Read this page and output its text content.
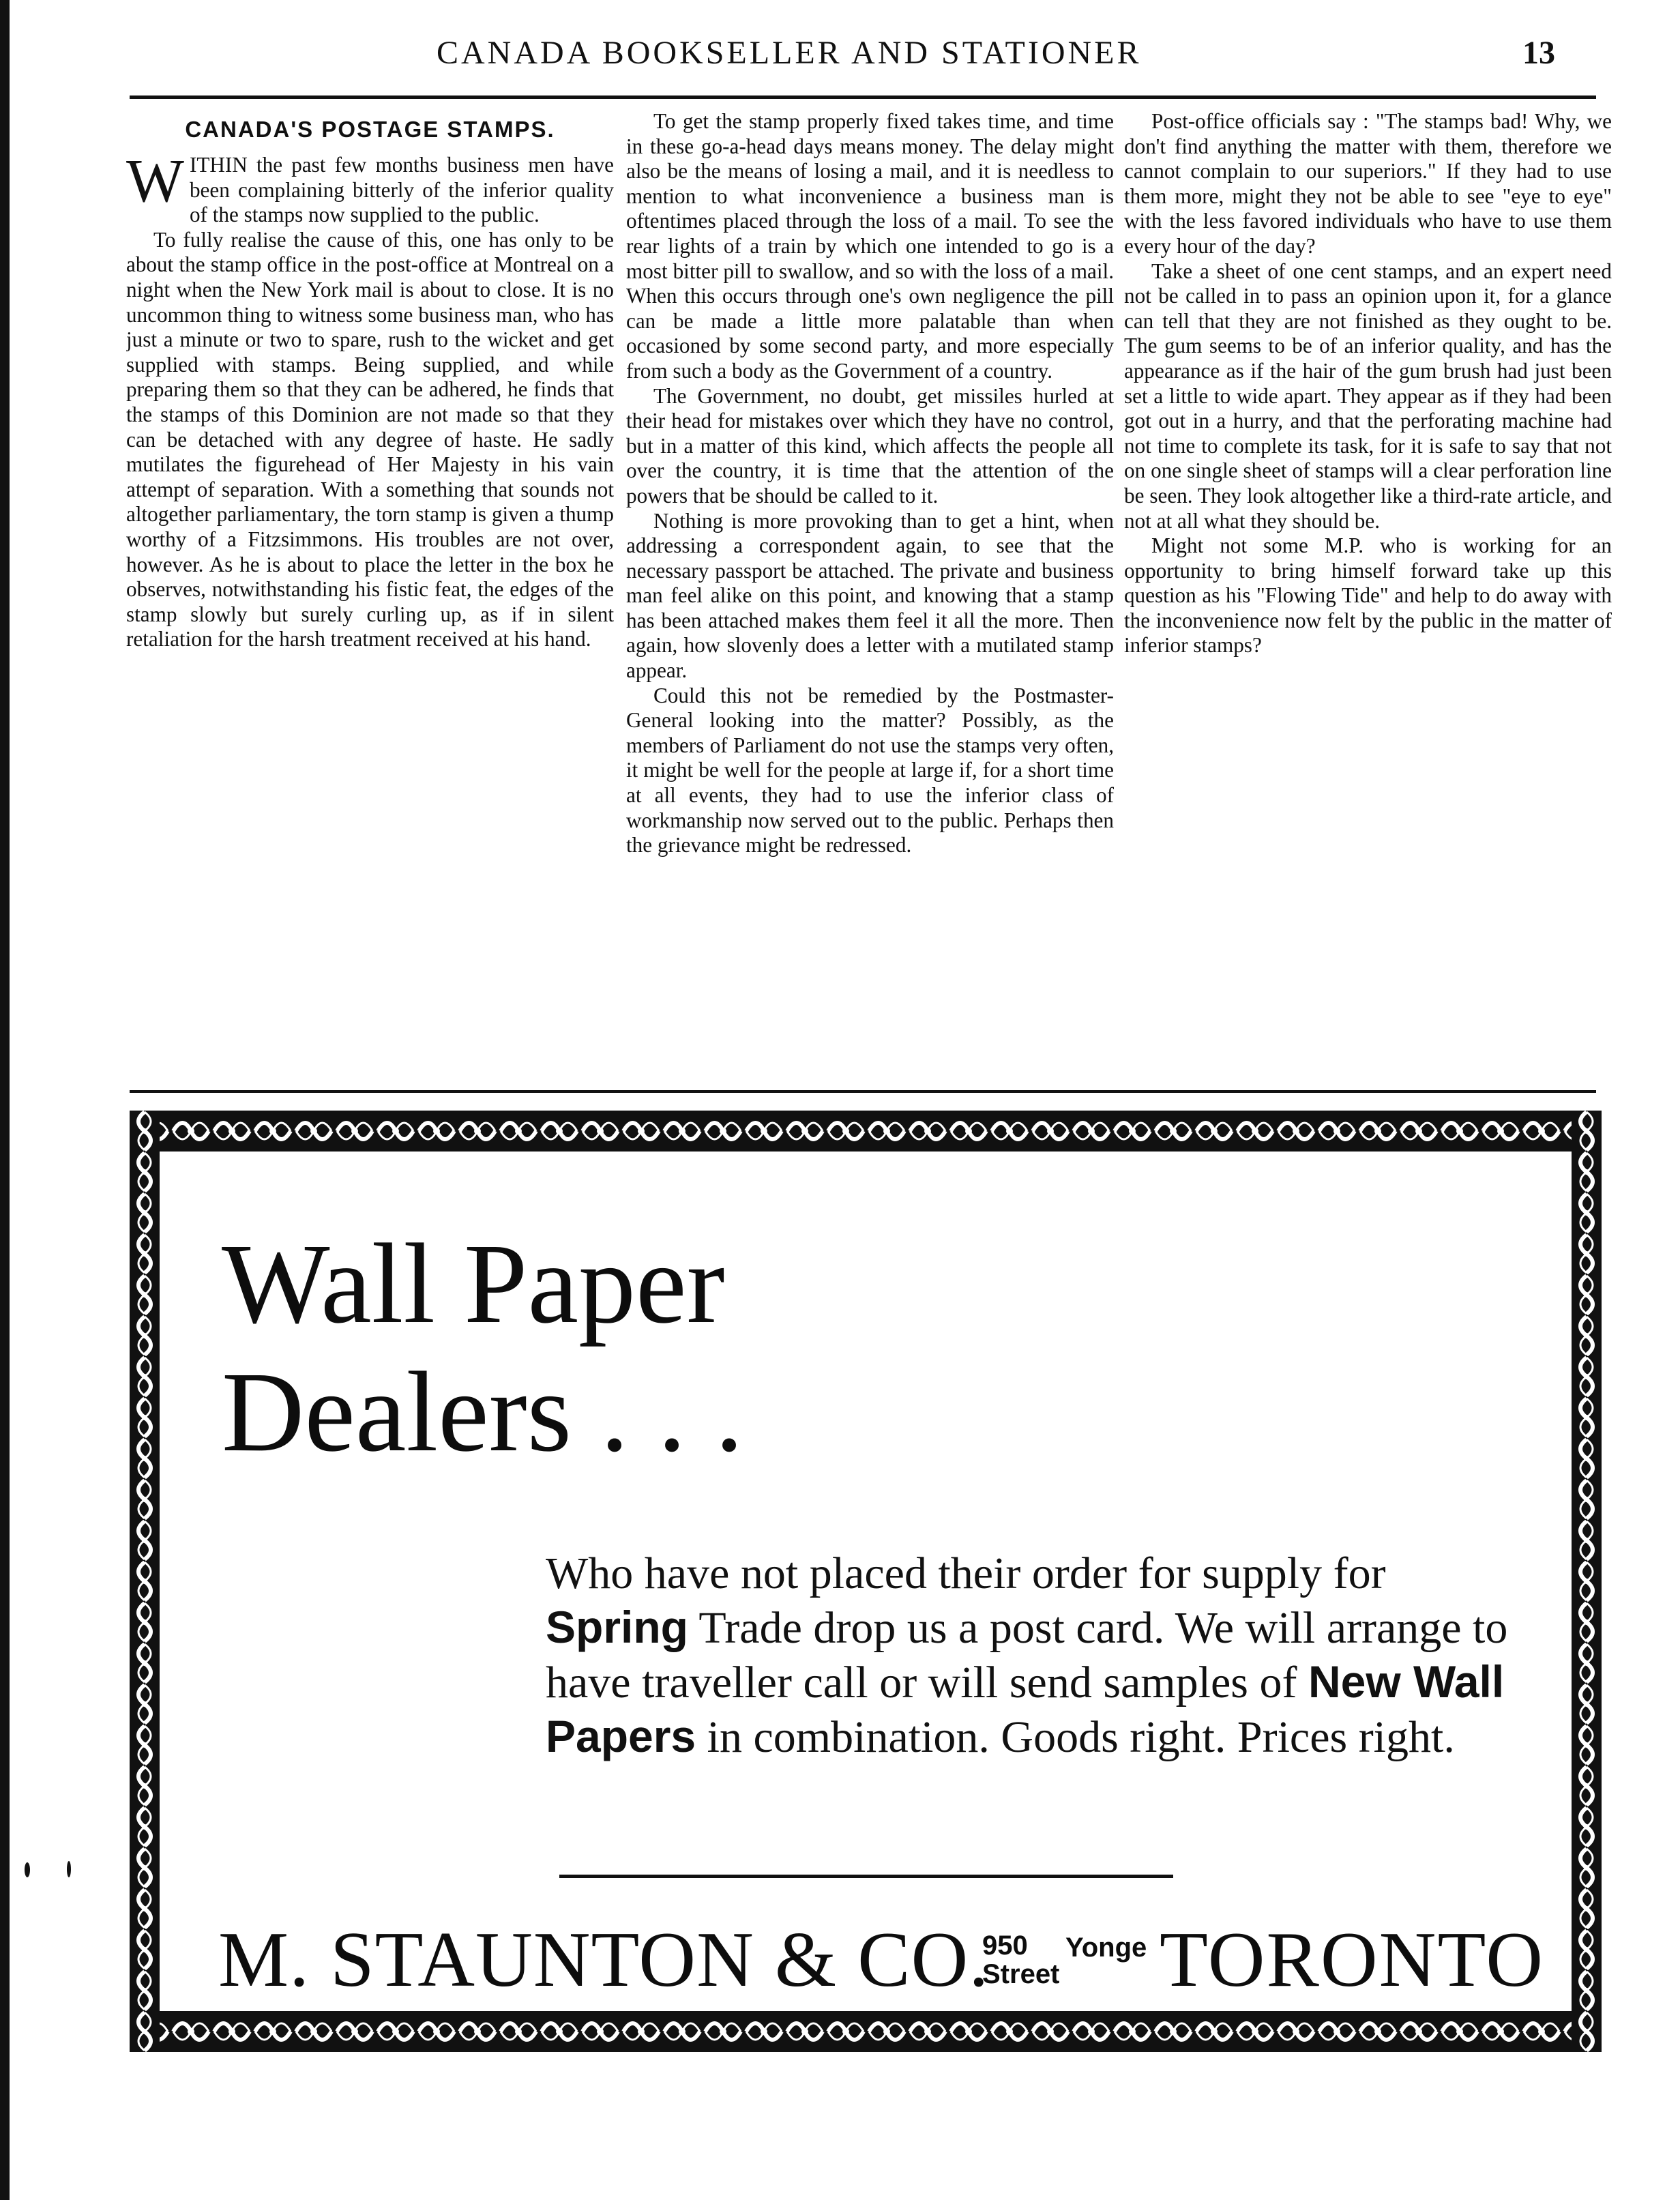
CANADA BOOKSELLER AND STATIONER	13
CANADA'S POSTAGE STAMPS.

WITHIN the past few months business men have been complaining bitterly of the inferior quality of the stamps now supplied to the public.

To fully realise the cause of this, one has only to be about the stamp office in the post-office at Montreal on a night when the New York mail is about to close. It is no uncommon thing to witness some business man, who has just a minute or two to spare, rush to the wicket and get supplied with stamps. Being supplied, and while preparing them so that they can be adhered, he finds that the stamps of this Dominion are not made so that they can be detached with any degree of haste. He sadly mutilates the figurehead of Her Majesty in his vain attempt of separation. With a something that sounds not altogether parliamentary, the torn stamp is given a thump worthy of a Fitzsimmons. His troubles are not over, however. As he is about to place the letter in the box he observes, notwithstanding his fistic feat, the edges of the stamp slowly but surely curling up, as if in silent retaliation for the harsh treatment received at his hand.

To get the stamp properly fixed takes time, and time in these go-a-head days means money. The delay might also be the means of losing a mail, and it is needless to mention to what inconvenience a business man is oftentimes placed through the loss of a mail. To see the rear lights of a train by which one intended to go is a most bitter pill to swallow, and so with the loss of a mail. When this occurs through one's own negligence the pill can be made a little more palatable than when occasioned by some second party, and more especially from such a body as the Government of a country.

The Government, no doubt, get missiles hurled at their head for mistakes over which they have no control, but in a matter of this kind, which affects the people all over the country, it is time that the attention of the powers that be should be called to it.

Nothing is more provoking than to get a hint, when addressing a correspondent again, to see that the necessary passport be attached. The private and business man feel alike on this point, and knowing that a stamp has been attached makes them feel it all the more. Then again, how slovenly does a letter with a mutilated stamp appear.

Could this not be remedied by the Postmaster-General looking into the matter? Possibly, as the members of Parliament do not use the stamps very often, it might be well for the people at large if, for a short time at all events, they had to use the inferior class of workmanship now served out to the public. Perhaps then the grievance might be redressed.

Post-office officials say : "The stamps bad! Why, we don't find anything the matter with them, therefore we cannot complain to our superiors." If they had to use them more, might they not be able to see "eye to eye" with the less favored individuals who have to use them every hour of the day?

Take a sheet of one cent stamps, and an expert need not be called in to pass an opinion upon it, for a glance can tell that they are not finished as they ought to be. The gum seems to be of an inferior quality, and has the appearance as if the hair of the gum brush had just been set a little to wide apart. They appear as if they had been got out in a hurry, and that the perforating machine had not time to complete its task, for it is safe to say that not on one single sheet of stamps will a clear perforation line be seen. They look altogether like a third-rate article, and not at all what they should be.

Might not some M.P. who is working for an opportunity to bring himself forward take up this question as his "Flowing Tide" and help to do away with the inconvenience now felt by the public in the matter of inferior stamps?

Wall Paper
Dealers . . .
Who have not placed their order for supply for Spring Trade drop us a post card. We will arrange to have traveller call or will send samples of New Wall Papers in combination. Goods right. Prices right.
M. STAUNTON & CO.
950
Street
Yonge TORONTO
